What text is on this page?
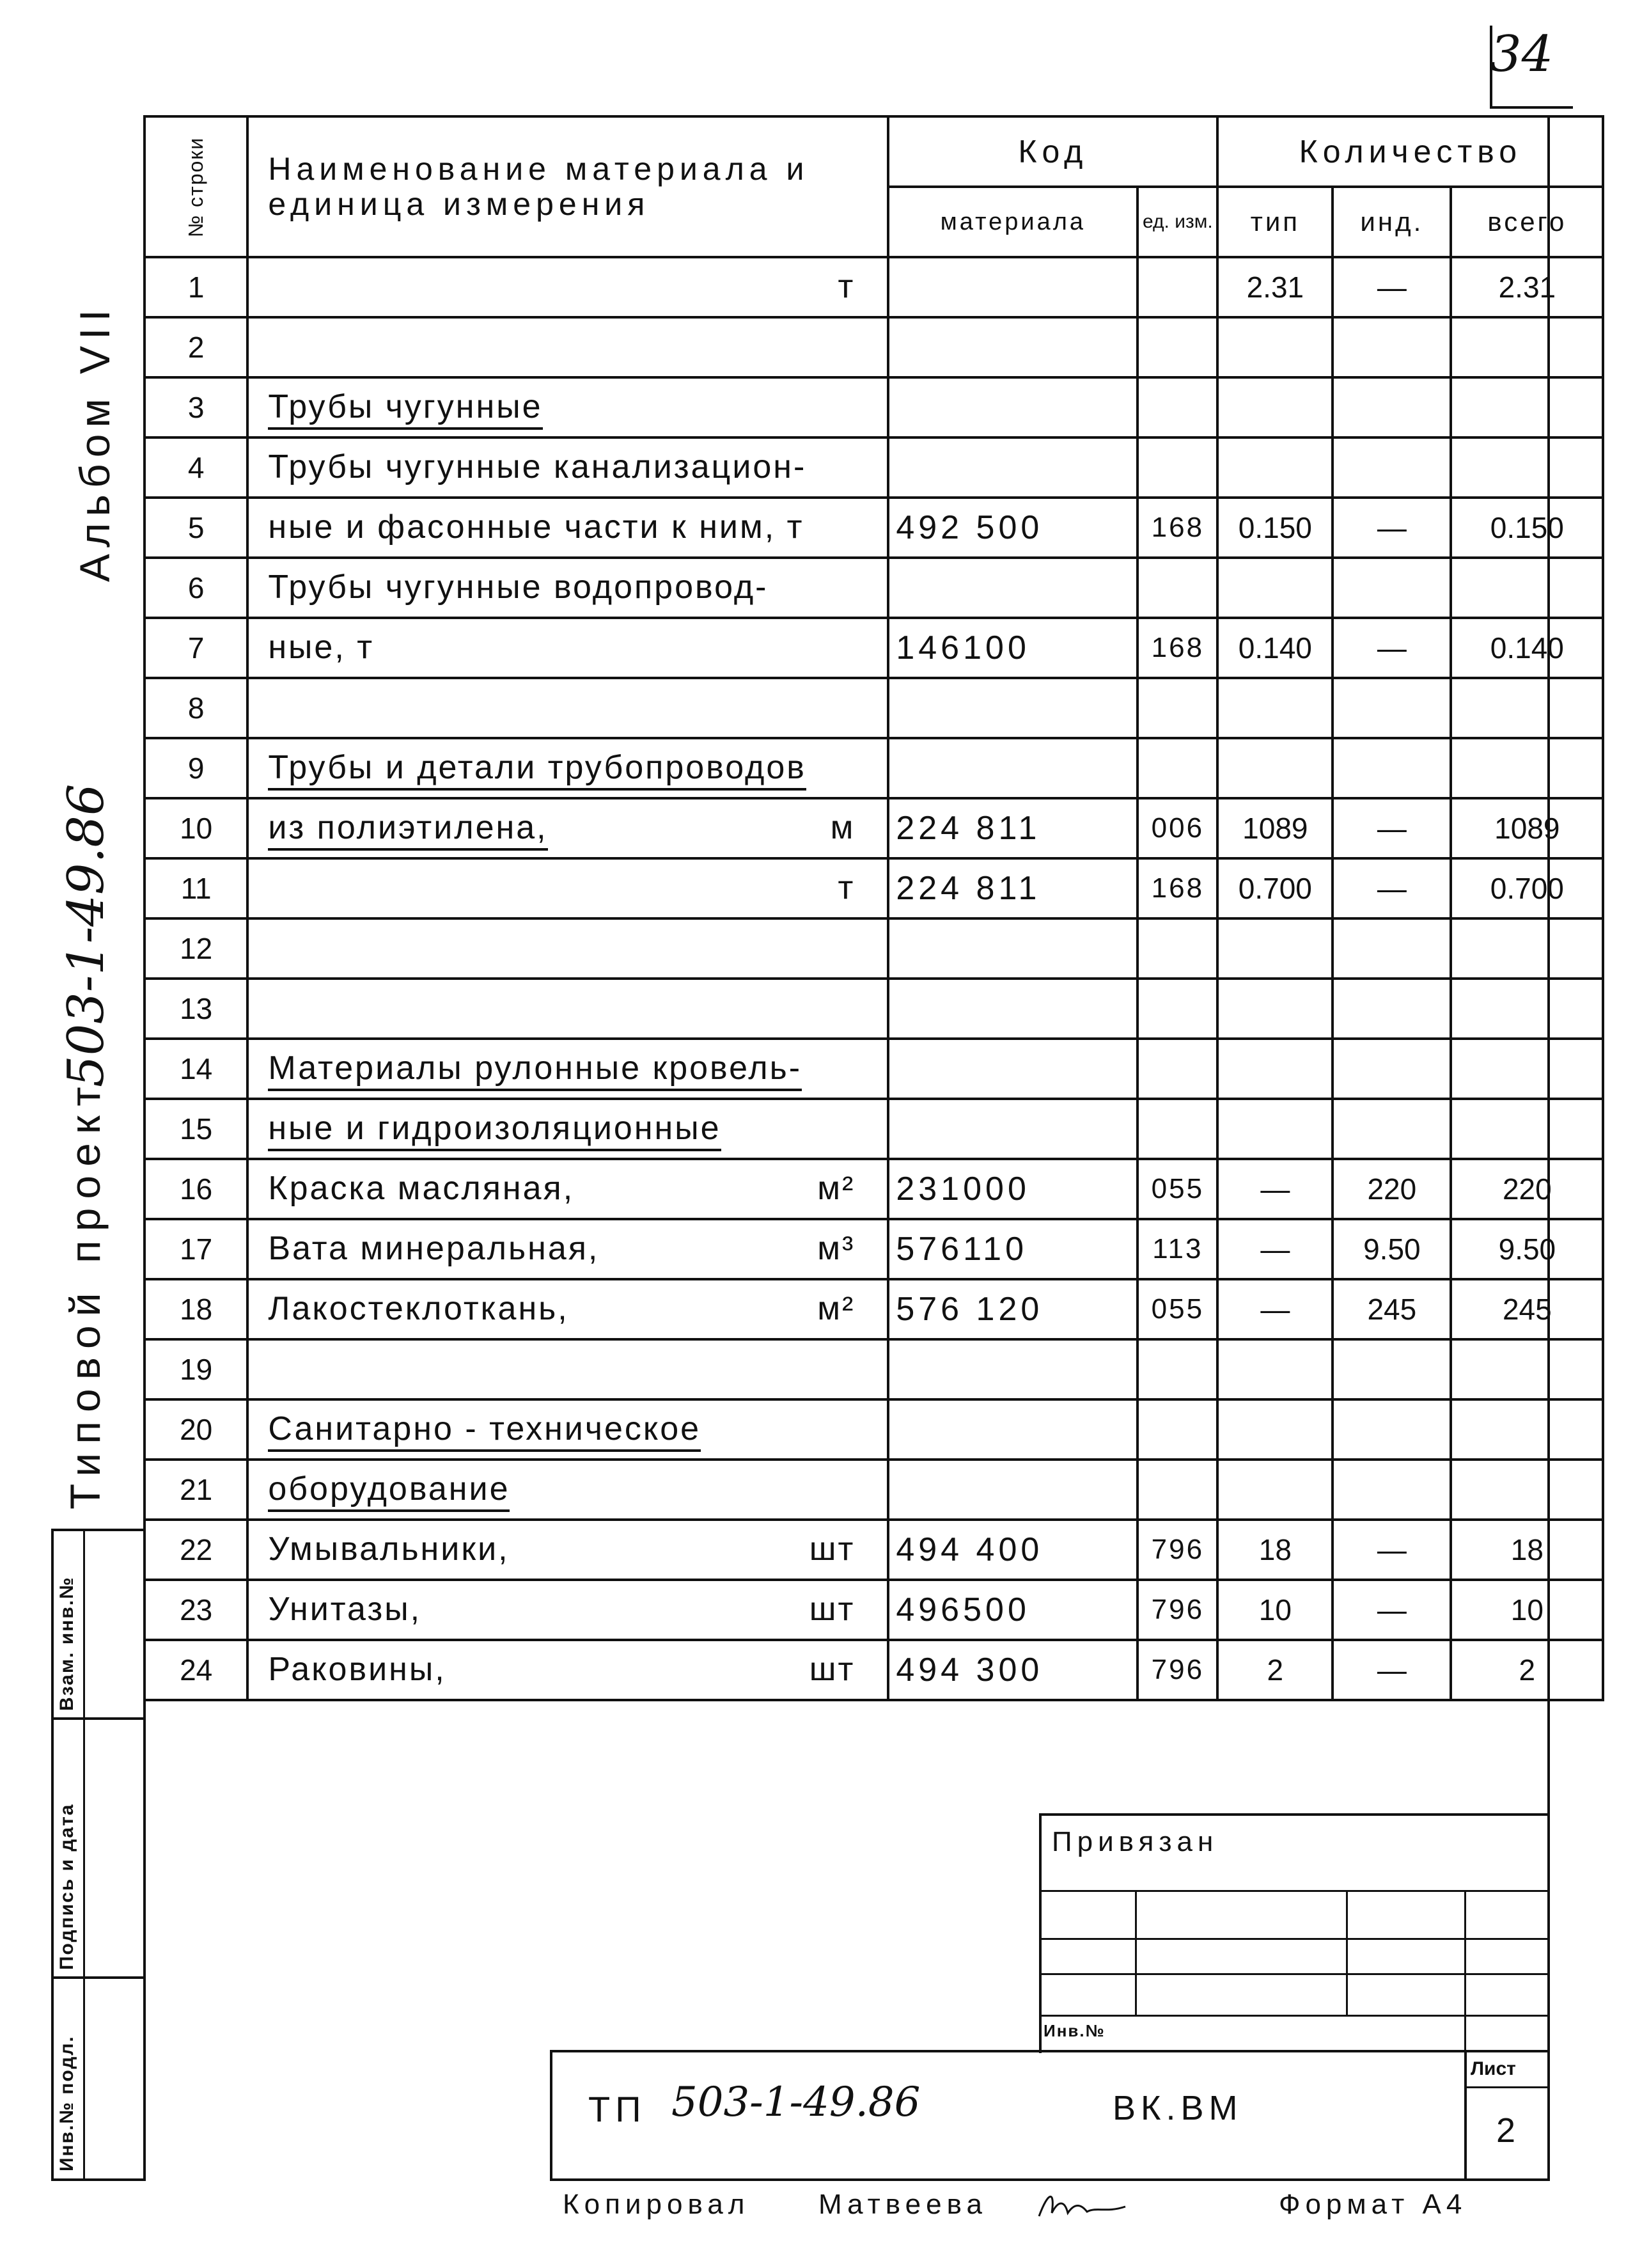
34
Альбом VII
Типовой проект
503-1-49.86
Инв.№ подл.
Подпись и дата
Взам. инв.№
№ строки	Наименование материала и единица измерения	Код		Количество		
		материала	ед. изм.	тип	инд.	всего
1	т			2.31	—	2.31
2	

3	Трубы чугунные					

4	Трубы чугунные канализацион-					

5	ные и фасонные части к ним, т	492 500	168	0.150	—	0.150
6	Трубы чугунные водопровод-					

7	ные, т	146100	168	0.140	—	0.140
8	

9	Трубы и детали трубопроводов					

10	из полиэтилена, м	224 811	006	1089	—	1089
11	т	224 811	168	0.700	—	0.700
12	

13	

14	Материалы рулонные кровель-					

15	ные и гидроизоляционные					

16	Краска масляная, м²	231000	055	—	220	220
17	Вата минеральная, м³	576110	113	—	9.50	9.50
18	Лакостеклоткань, м²	576 120	055	—	245	245
19	

20	Санитарно - техническое					

21	оборудование					

22	Умывальники, шт	494 400	796	18	—	18
23	Унитазы, шт	496500	796	10	—	10
24	Раковины, шт	494 300	796	2	—	2
Привязан
Инв.№
ТП 503-1-49.86	ВК.ВМ
Лист
2
Копировал Матвеева	Формат А4
